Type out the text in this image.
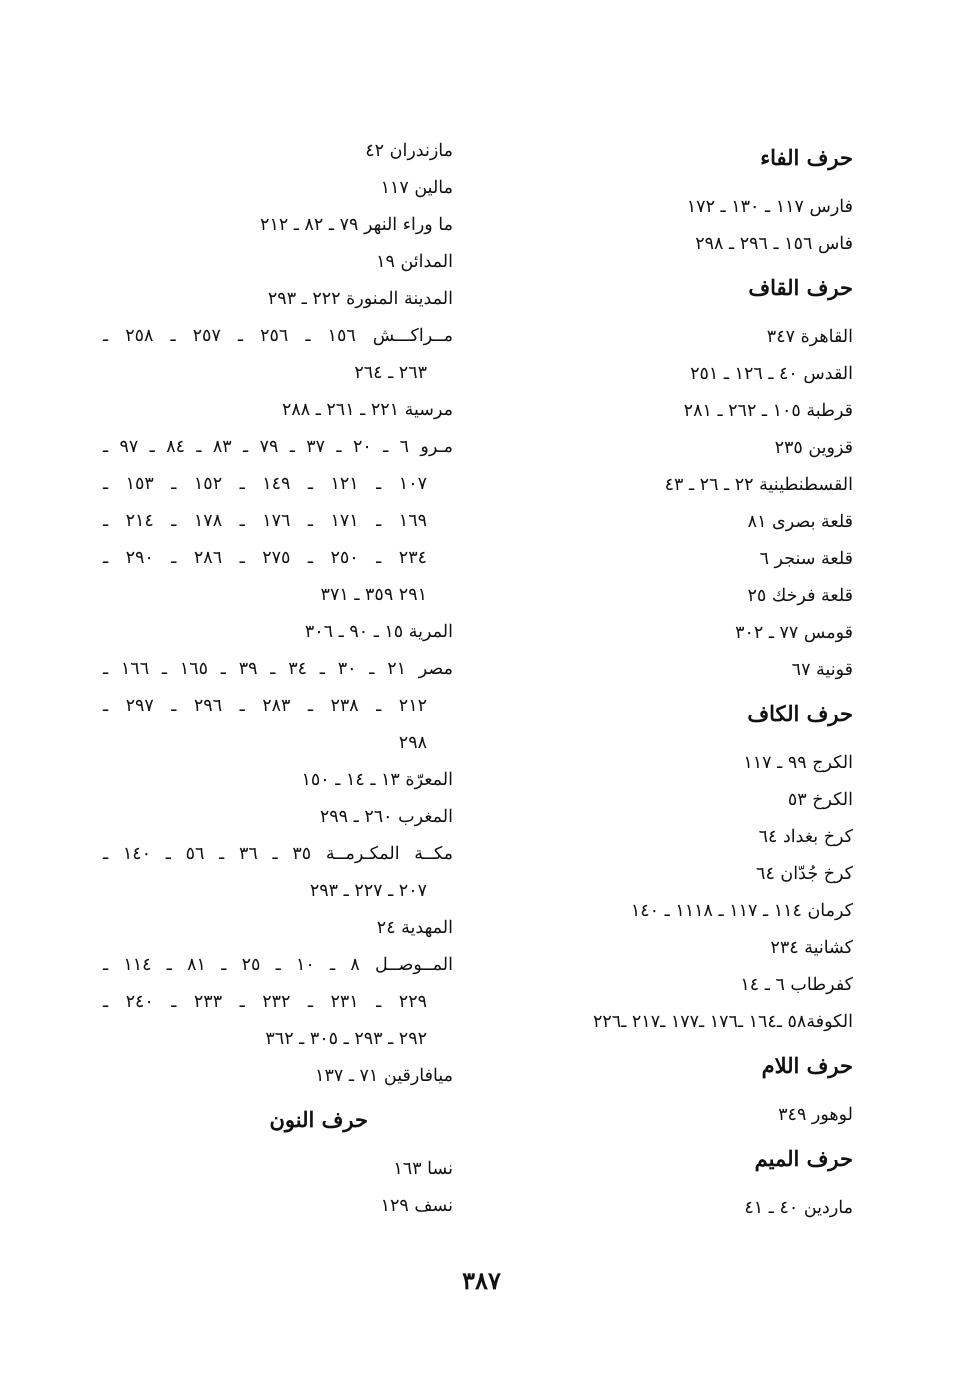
حرف الفاء
فارس ١١٧ ـ ١٣٠ ـ ١٧٢
فاس ١٥٦ ـ ٢٩٦ ـ ٢٩٨
حرف القاف
القاهرة ٣٤٧
القدس ٤٠ ـ ١٢٦ ـ ٢٥١
قرطبة ١٠٥ ـ ٢٦٢ ـ ٢٨١
قزوين ٢٣٥
القسطنطينية ٢٢ ـ ٢٦ ـ ٤٣
قلعة بصرى ٨١
قلعة سنجر ٦
قلعة فرخك ٢٥
قومس ٧٧ ـ ٣٠٢
قونية ٦٧
حرف الكاف
الكرج ٩٩ ـ ١١٧
الكرخ ٥٣
كرخ بغداد ٦٤
كرخ جُدّان ٦٤
كرمان ١١٤ ـ ١١٧ ـ ١١١٨ ـ ١٤٠
كشانية ٢٣٤
كفرطاب ٦ ـ ١٤
الكوفة٥٨ ـ١٦٤ ـ١٧٦ ـ١٧٧ ـ٢١٧ ـ٢٢٦
حرف اللام
لوهور ٣٤٩
حرف الميم
ماردين ٤٠ ـ ٤١
مازندران ٤٢
مالين ١١٧
ما وراء النهر ٧٩ ـ ٨٢ ـ ٢١٢
المدائن ١٩
المدينة المنورة ٢٢٢ ـ ٢٩٣
مــراكـــش ١٥٦ ـ ٢٥٦ ـ ٢٥٧ ـ ٢٥٨ ـ
٢٦٣ ـ ٢٦٤
مرسية ٢٢١ ـ ٢٦١ ـ ٢٨٨
مـرو ٦ ـ ٢٠ ـ ٣٧ ـ ٧٩ ـ ٨٣ ـ ٨٤ ـ ٩٧ ـ
١٠٧ ـ ١٢١ ـ ١٤٩ ـ ١٥٢ ـ ١٥٣ ـ
١٦٩ ـ ١٧١ ـ ١٧٦ ـ ١٧٨ ـ ٢١٤ ـ
٢٣٤ ـ ٢٥٠ ـ ٢٧٥ ـ ٢٨٦ ـ ٢٩٠ ـ
٢٩١ ٣٥٩ ـ ٣٧١
المرية ١٥ ـ ٩٠ ـ ٣٠٦
مصر ٢١ ـ ٣٠ ـ ٣٤ ـ ٣٩ ـ ١٦٥ ـ ١٦٦ ـ
٢١٢ ـ ٢٣٨ ـ ٢٨٣ ـ ٢٩٦ ـ ٢٩٧ ـ
٢٩٨
المعرّة ١٣ ـ ١٤ ـ ١٥٠
المغرب ٢٦٠ ـ ٢٩٩
مكــة المكـرمــة ٣٥ ـ ٣٦ ـ ٥٦ ـ ١٤٠ ـ
٢٠٧ ـ ٢٢٧ ـ ٢٩٣
المهدية ٢٤
المــوصــل ٨ ـ ١٠ ـ ٢٥ ـ ٨١ ـ ١١٤ ـ
٢٢٩ ـ ٢٣١ ـ ٢٣٢ ـ ٢٣٣ ـ ٢٤٠ ـ
٢٩٢ ـ ٢٩٣ ـ ٣٠٥ ـ ٣٦٢
ميافارقين ٧١ ـ ١٣٧
حرف النون
نسا ١٦٣
نسف ١٢٩
٣٨٧
